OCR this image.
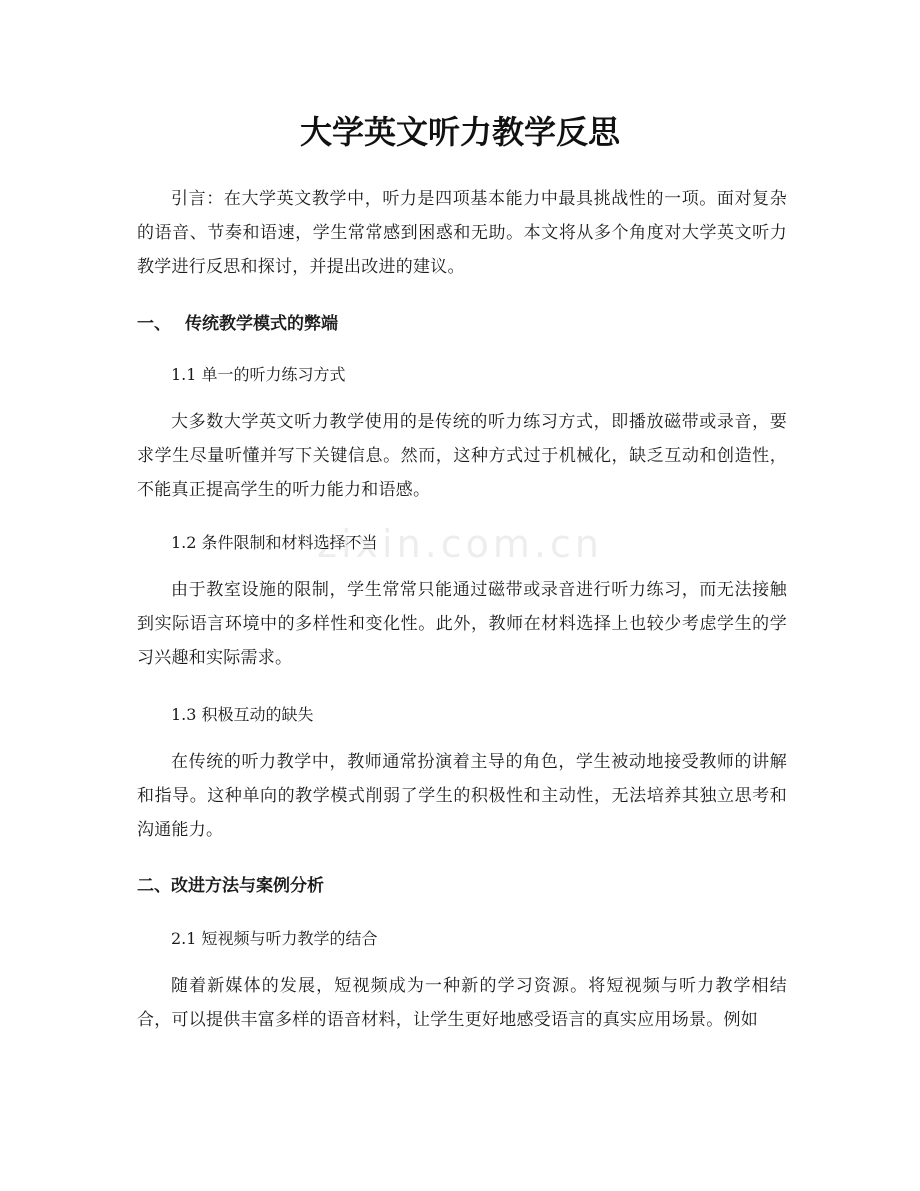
大学英文听力教学反思

引言：在大学英文教学中，听力是四项基本能力中最具挑战性的一项。面对复杂的语音、节奏和语速，学生常常感到困惑和无助。本文将从多个角度对大学英文听力教学进行反思和探讨，并提出改进的建议。

一、 传统教学模式的弊端
1.1 单一的听力练习方式

大多数大学英文听力教学使用的是传统的听力练习方式，即播放磁带或录音，要求学生尽量听懂并写下关键信息。然而，这种方式过于机械化，缺乏互动和创造性，不能真正提高学生的听力能力和语感。

1.2 条件限制和材料选择不当

由于教室设施的限制，学生常常只能通过磁带或录音进行听力练习，而无法接触到实际语言环境中的多样性和变化性。此外，教师在材料选择上也较少考虑学生的学习兴趣和实际需求。

1.3 积极互动的缺失

在传统的听力教学中，教师通常扮演着主导的角色，学生被动地接受教师的讲解和指导。这种单向的教学模式削弱了学生的积极性和主动性，无法培养其独立思考和沟通能力。

二、改进方法与案例分析
2.1 短视频与听力教学的结合

随着新媒体的发展，短视频成为一种新的学习资源。将短视频与听力教学相结合，可以提供丰富多样的语音材料，让学生更好地感受语言的真实应用场景。例如

zixin.com.cn
